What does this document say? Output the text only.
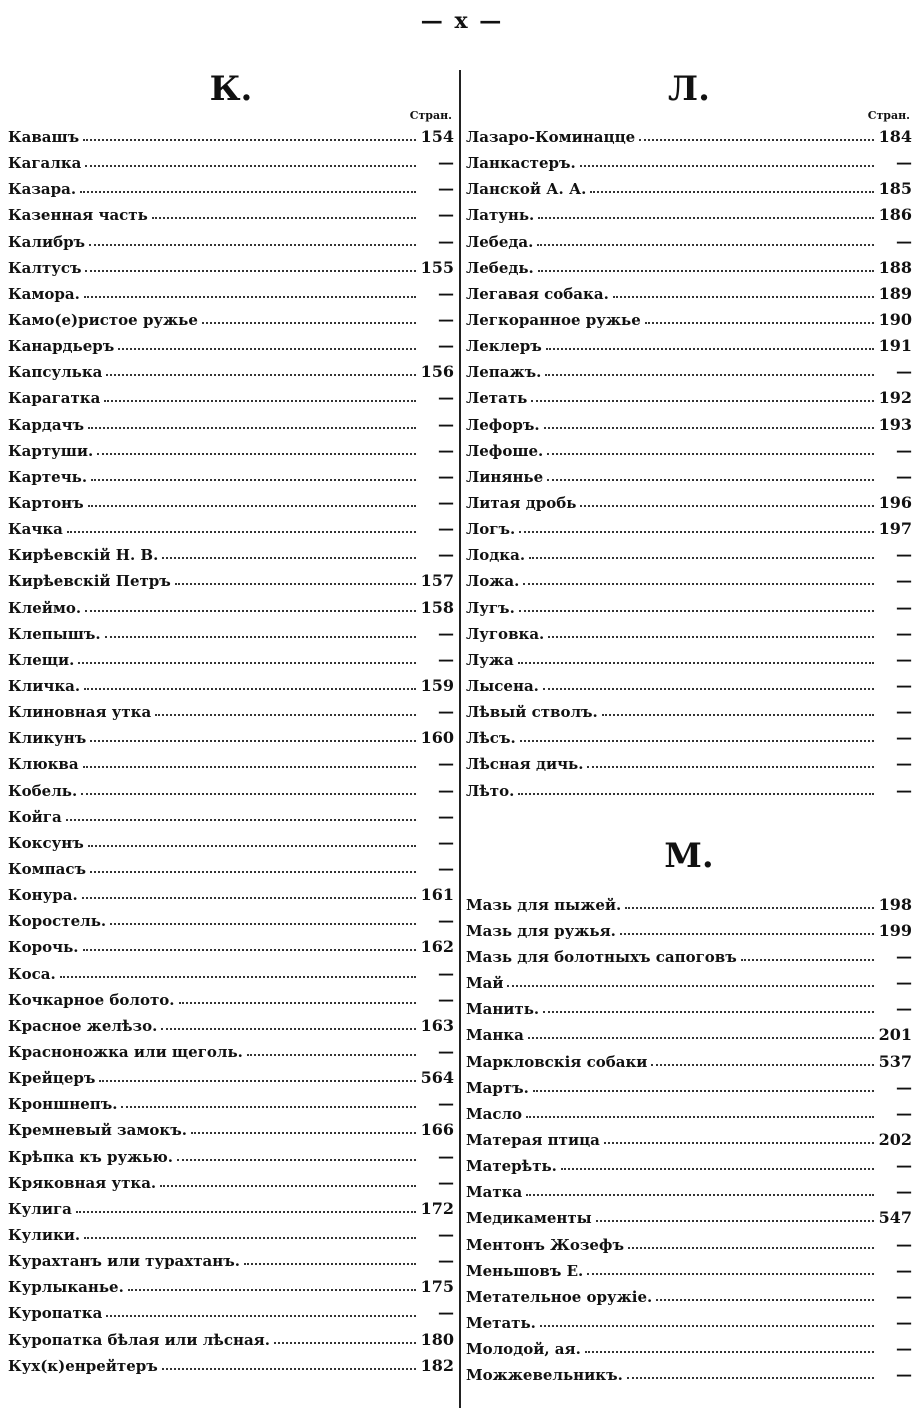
— x —
К.
Стран.
Кавашъ	154
Кагалка	—
Казара.	—
Казенная часть	—
Калибръ	—
Калтусъ	155
Камора.	—
Камо(е)ристое ружье	—
Канардьеръ	—
Капсулька	156
Карагатка	—
Кардачъ	—
Картуши.	—
Картечь.	—
Картонъ	—
Качка	—
Кирѣевскій Н. В.	—
Кирѣевскій Петръ	157
Клеймо.	158
Клепышъ.	—
Клещи.	—
Кличка.	159
Клиновная утка	—
Кликунъ	160
Клюква	—
Кобель.	—
Койга	—
Коксунъ	—
Компасъ	—
Конура.	161
Коростель.	—
Корочь.	162
Коса.	—
Кочкарное болото.	—
Красное желѣзо.	163
Красноножка или щеголь.	—
Крейцеръ	564
Кроншнепъ.	—
Кремневый замокъ.	166
Крѣпка къ ружью.	—
Кряковная утка.	—
Кулига	172
Кулики.	—
Курахтанъ или турахтанъ.	—
Курлыканье.	175
Куропатка	—
Куропатка бѣлая или лѣсная.	180
Кух(к)енрейтеръ	182
Л.
Стран.
Лазаро-Коминацце	184
Ланкастеръ.	—
Ланской А. А.	185
Латунь.	186
Лебеда.	—
Лебедь.	188
Легавая собака.	189
Легкоранное ружье	190
Леклеръ	191
Лепажъ.	—
Летать	192
Лефоръ.	193
Лефоше.	—
Линянье	—
Литая дробь	196
Логъ.	197
Лодка.	—
Ложа.	—
Лугъ.	—
Луговка.	—
Лужа	—
Лысена.	—
Лѣвый стволъ.	—
Лѣсъ.	—
Лѣсная дичь.	—
Лѣто.	—
М.
Мазь для пыжей.	198
Мазь для ружья.	199
Мазь для болотныхъ сапоговъ	—
Май	—
Манить.	—
Манка	201
Маркловскія собаки	537
Мартъ.	—
Масло	—
Матерая птица	202
Матерѣть.	—
Матка	—
Медикаменты	547
Ментонъ Жозефъ	—
Меньшовъ Е.	—
Метательное оружіе.	—
Метать.	—
Молодой, ая.	—
Можжевельникъ.	—
